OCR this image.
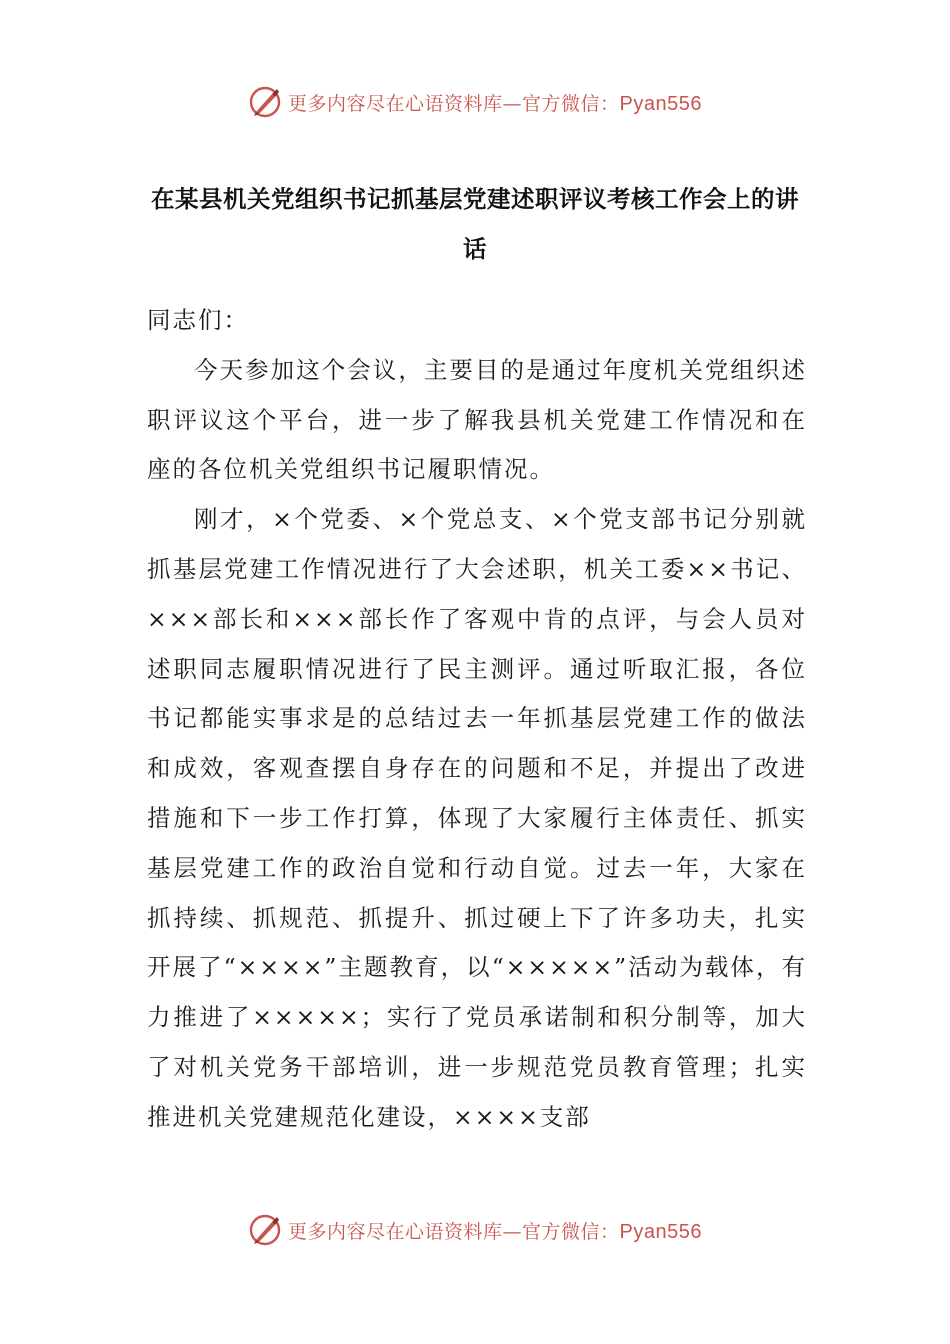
更多内容尽在心语资料库—官方微信：Pyan556
在某县机关党组织书记抓基层党建述职评议考核工作会上的讲话

同志们：

今天参加这个会议，主要目的是通过年度机关党组织述职评议这个平台，进一步了解我县机关党建工作情况和在座的各位机关党组织书记履职情况。

刚才，×个党委、×个党总支、×个党支部书记分别就抓基层党建工作情况进行了大会述职，机关工委××书记、×××部长和×××部长作了客观中肯的点评，与会人员对述职同志履职情况进行了民主测评。通过听取汇报，各位书记都能实事求是的总结过去一年抓基层党建工作的做法和成效，客观查摆自身存在的问题和不足，并提出了改进措施和下一步工作打算，体现了大家履行主体责任、抓实基层党建工作的政治自觉和行动自觉。过去一年，大家在抓持续、抓规范、抓提升、抓过硬上下了许多功夫，扎实开展了“××××”主题教育，以“×××××”活动为载体，有力推进了×××××；实行了党员承诺制和积分制等，加大了对机关党务干部培训，进一步规范党员教育管理；扎实推进机关党建规范化建设，××××支部

更多内容尽在心语资料库—官方微信：Pyan556
